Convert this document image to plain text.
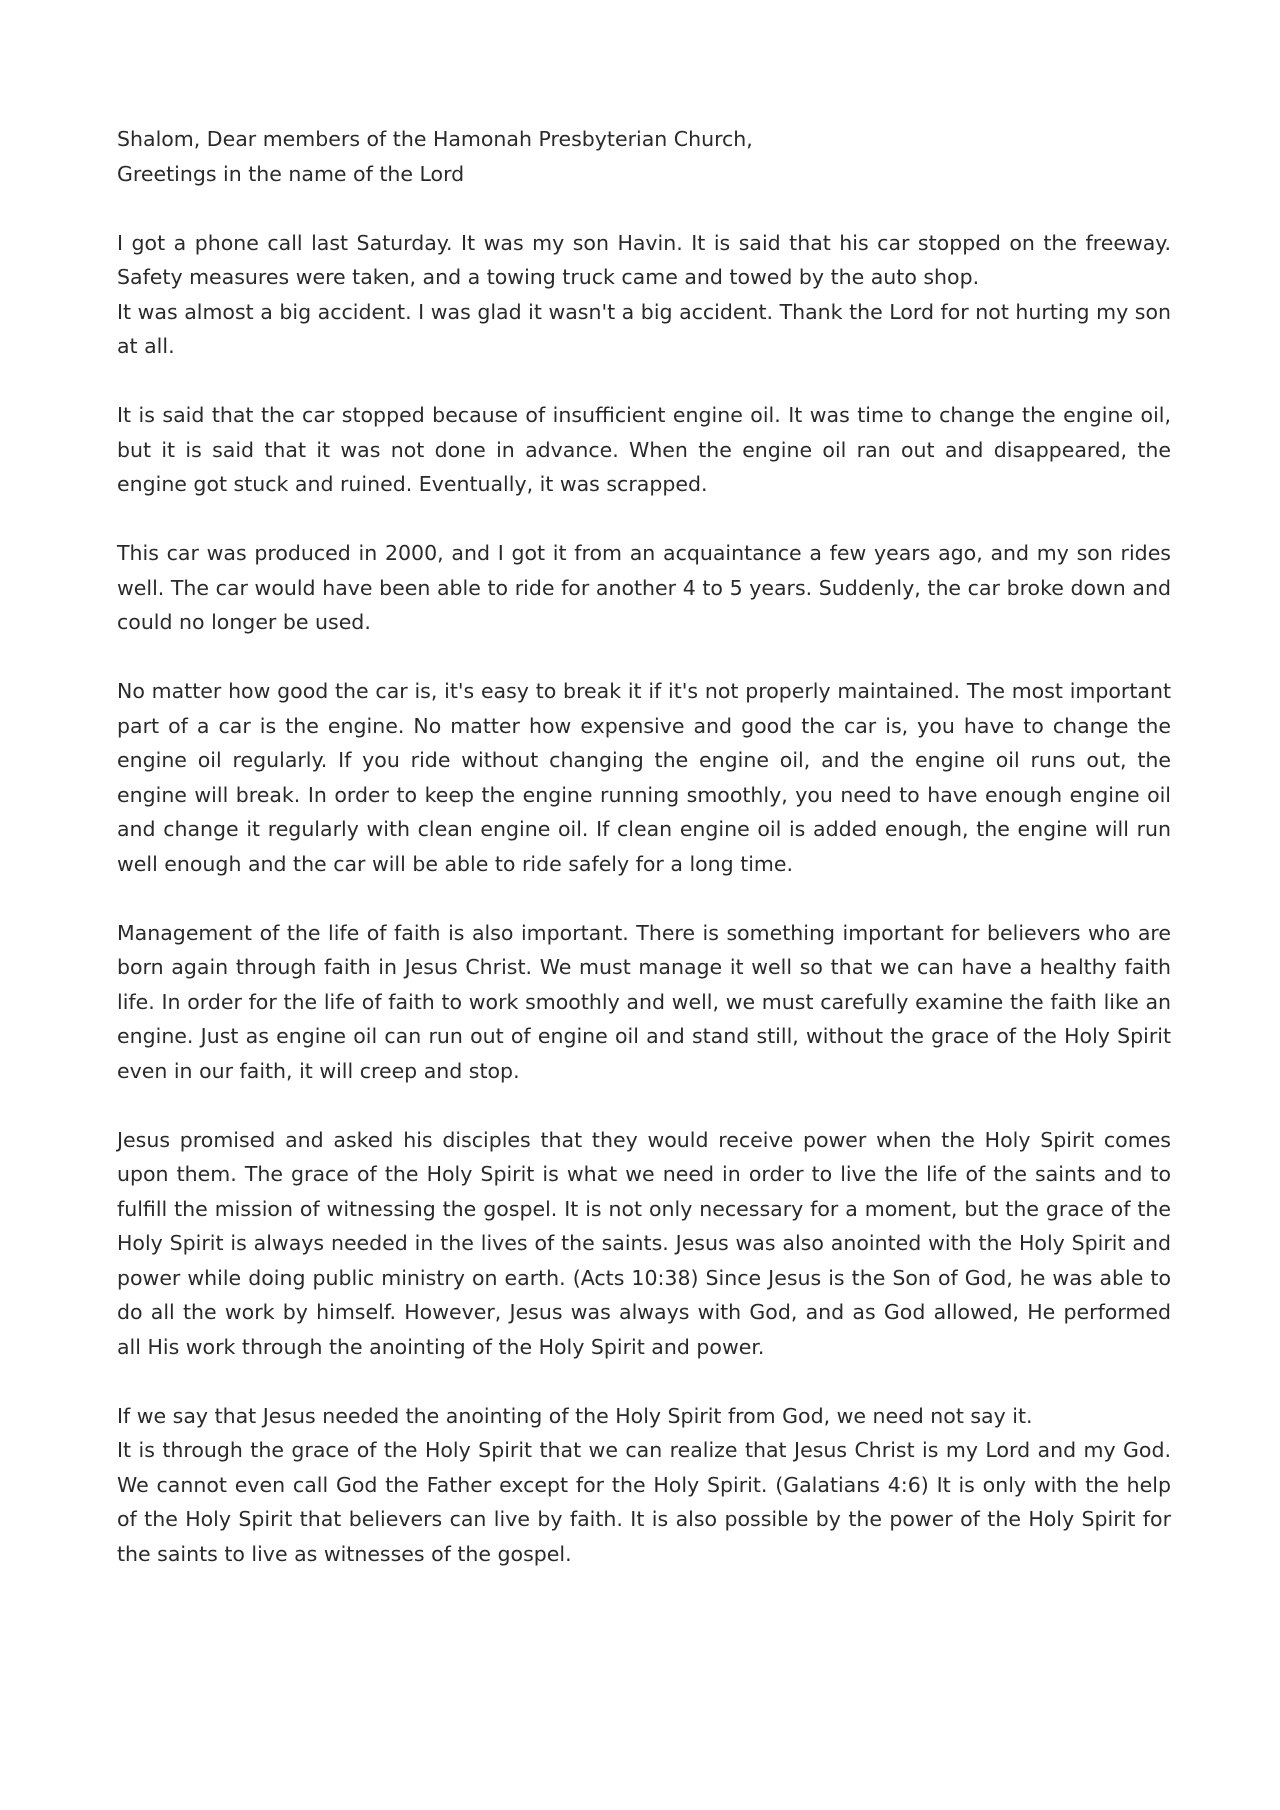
Shalom, Dear members of the Hamonah Presbyterian Church,
Greetings in the name of the Lord
I got a phone call last Saturday. It was my son Havin. It is said that his car stopped on the freeway. Safety measures were taken, and a towing truck came and towed by the auto shop.
It was almost a big accident. I was glad it wasn't a big accident. Thank the Lord for not hurting my son at all.
It is said that the car stopped because of insufficient engine oil. It was time to change the engine oil, but it is said that it was not done in advance. When the engine oil ran out and disappeared, the engine got stuck and ruined. Eventually, it was scrapped.
This car was produced in 2000, and I got it from an acquaintance a few years ago, and my son rides well. The car would have been able to ride for another 4 to 5 years. Suddenly, the car broke down and could no longer be used.
No matter how good the car is, it's easy to break it if it's not properly maintained. The most important part of a car is the engine. No matter how expensive and good the car is, you have to change the engine oil regularly. If you ride without changing the engine oil, and the engine oil runs out, the engine will break. In order to keep the engine running smoothly, you need to have enough engine oil and change it regularly with clean engine oil. If clean engine oil is added enough, the engine will run well enough and the car will be able to ride safely for a long time.
Management of the life of faith is also important. There is something important for believers who are born again through faith in Jesus Christ. We must manage it well so that we can have a healthy faith life. In order for the life of faith to work smoothly and well, we must carefully examine the faith like an engine. Just as engine oil can run out of engine oil and stand still, without the grace of the Holy Spirit even in our faith, it will creep and stop.
Jesus promised and asked his disciples that they would receive power when the Holy Spirit comes upon them. The grace of the Holy Spirit is what we need in order to live the life of the saints and to fulfill the mission of witnessing the gospel. It is not only necessary for a moment, but the grace of the Holy Spirit is always needed in the lives of the saints. Jesus was also anointed with the Holy Spirit and power while doing public ministry on earth. (Acts 10:38) Since Jesus is the Son of God, he was able to do all the work by himself. However, Jesus was always with God, and as God allowed, He performed all His work through the anointing of the Holy Spirit and power.
If we say that Jesus needed the anointing of the Holy Spirit from God, we need not say it.
It is through the grace of the Holy Spirit that we can realize that Jesus Christ is my Lord and my God. We cannot even call God the Father except for the Holy Spirit. (Galatians 4:6) It is only with the help of the Holy Spirit that believers can live by faith. It is also possible by the power of the Holy Spirit for the saints to live as witnesses of the gospel.
